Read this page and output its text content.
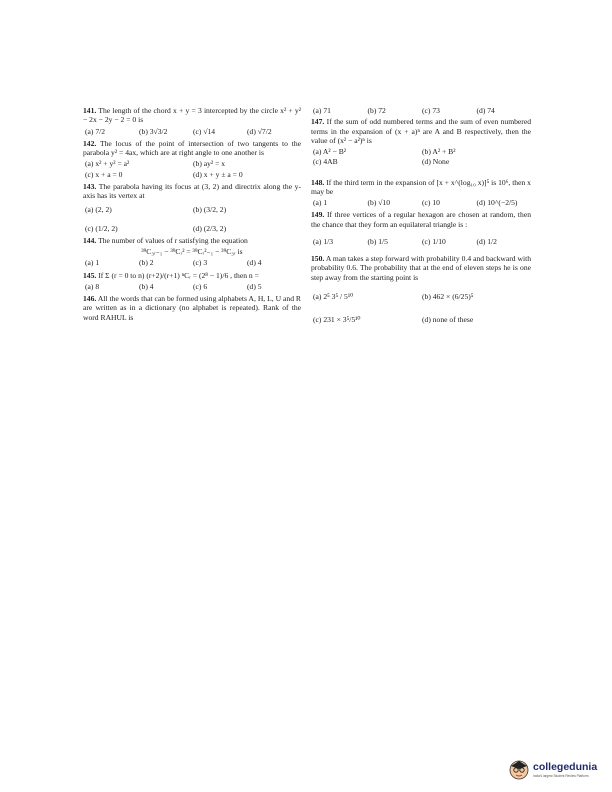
141. The length of the chord x + y = 3 intercepted by the circle x² + y² − 2x − 2y − 2 = 0 is
(a) 7/2	(b) 3√3/2	(c) √14	(d) √7/2
142. The locus of the point of intersection of two tangents to the parabola y² = 4ax, which are at right angle to one another is
(a) x² + y² = a²	(b) ay² = x
(c) x + a = 0	(d) x + y ± a = 0
143. The parabola having its focus at (3, 2) and directrix along the y-axis has its vertex at
(a) (2, 2)	(b) (3/2, 2)
(c) (1/2, 2)	(d) (2/3, 2)
144. The number of values of r satisfying the equation
³⁹C₃ᵣ₋₁ − ³⁹Cᵣ² = ³⁹Cᵣ²₋₁ − ³⁹C₃ᵣ is
(a) 1	(b) 2	(c) 3	(d) 4
145. If Σ (r = 0 to n) (r+2)/(r+1) ⁿCᵣ = (2⁸ − 1)/6 , then n =
(a) 8	(b) 4	(c) 6	(d) 5
146. All the words that can be formed using alphabets A, H, L, U and R are written as in a dictionary (no alphabet is repeated). Rank of the word RAHUL is
(a) 71	(b) 72	(c) 73	(d) 74
147. If the sum of odd numbered terms and the sum of even numbered terms in the expansion of (x + a)ⁿ are A and B respectively, then the value of (x² − a²)ⁿ is
(a) A² − B²	(b) A² + B²
(c) 4AB	(d) None
148. If the third term in the expansion of [x + x^(log₁₀ x)]⁵ is 10⁶, then x may be
(a) 1	(b) √10	(c) 10	(d) 10^(−2/5)
149. If three vertices of a regular hexagon are chosen at random, then the chance that they form an equilateral triangle is :
(a) 1/3	(b) 1/5	(c) 1/10	(d) 1/2
150. A man takes a step forward with probability 0.4 and backward with probability 0.6. The probability that at the end of eleven steps he is one step away from the starting point is
(a) 2⁵ 3⁵ / 5¹⁰	(b) 462 × (6/25)⁵
(c) 231 × 3⁵/5¹⁰	(d) none of these
collegedunia
India's largest Student Review Platform
